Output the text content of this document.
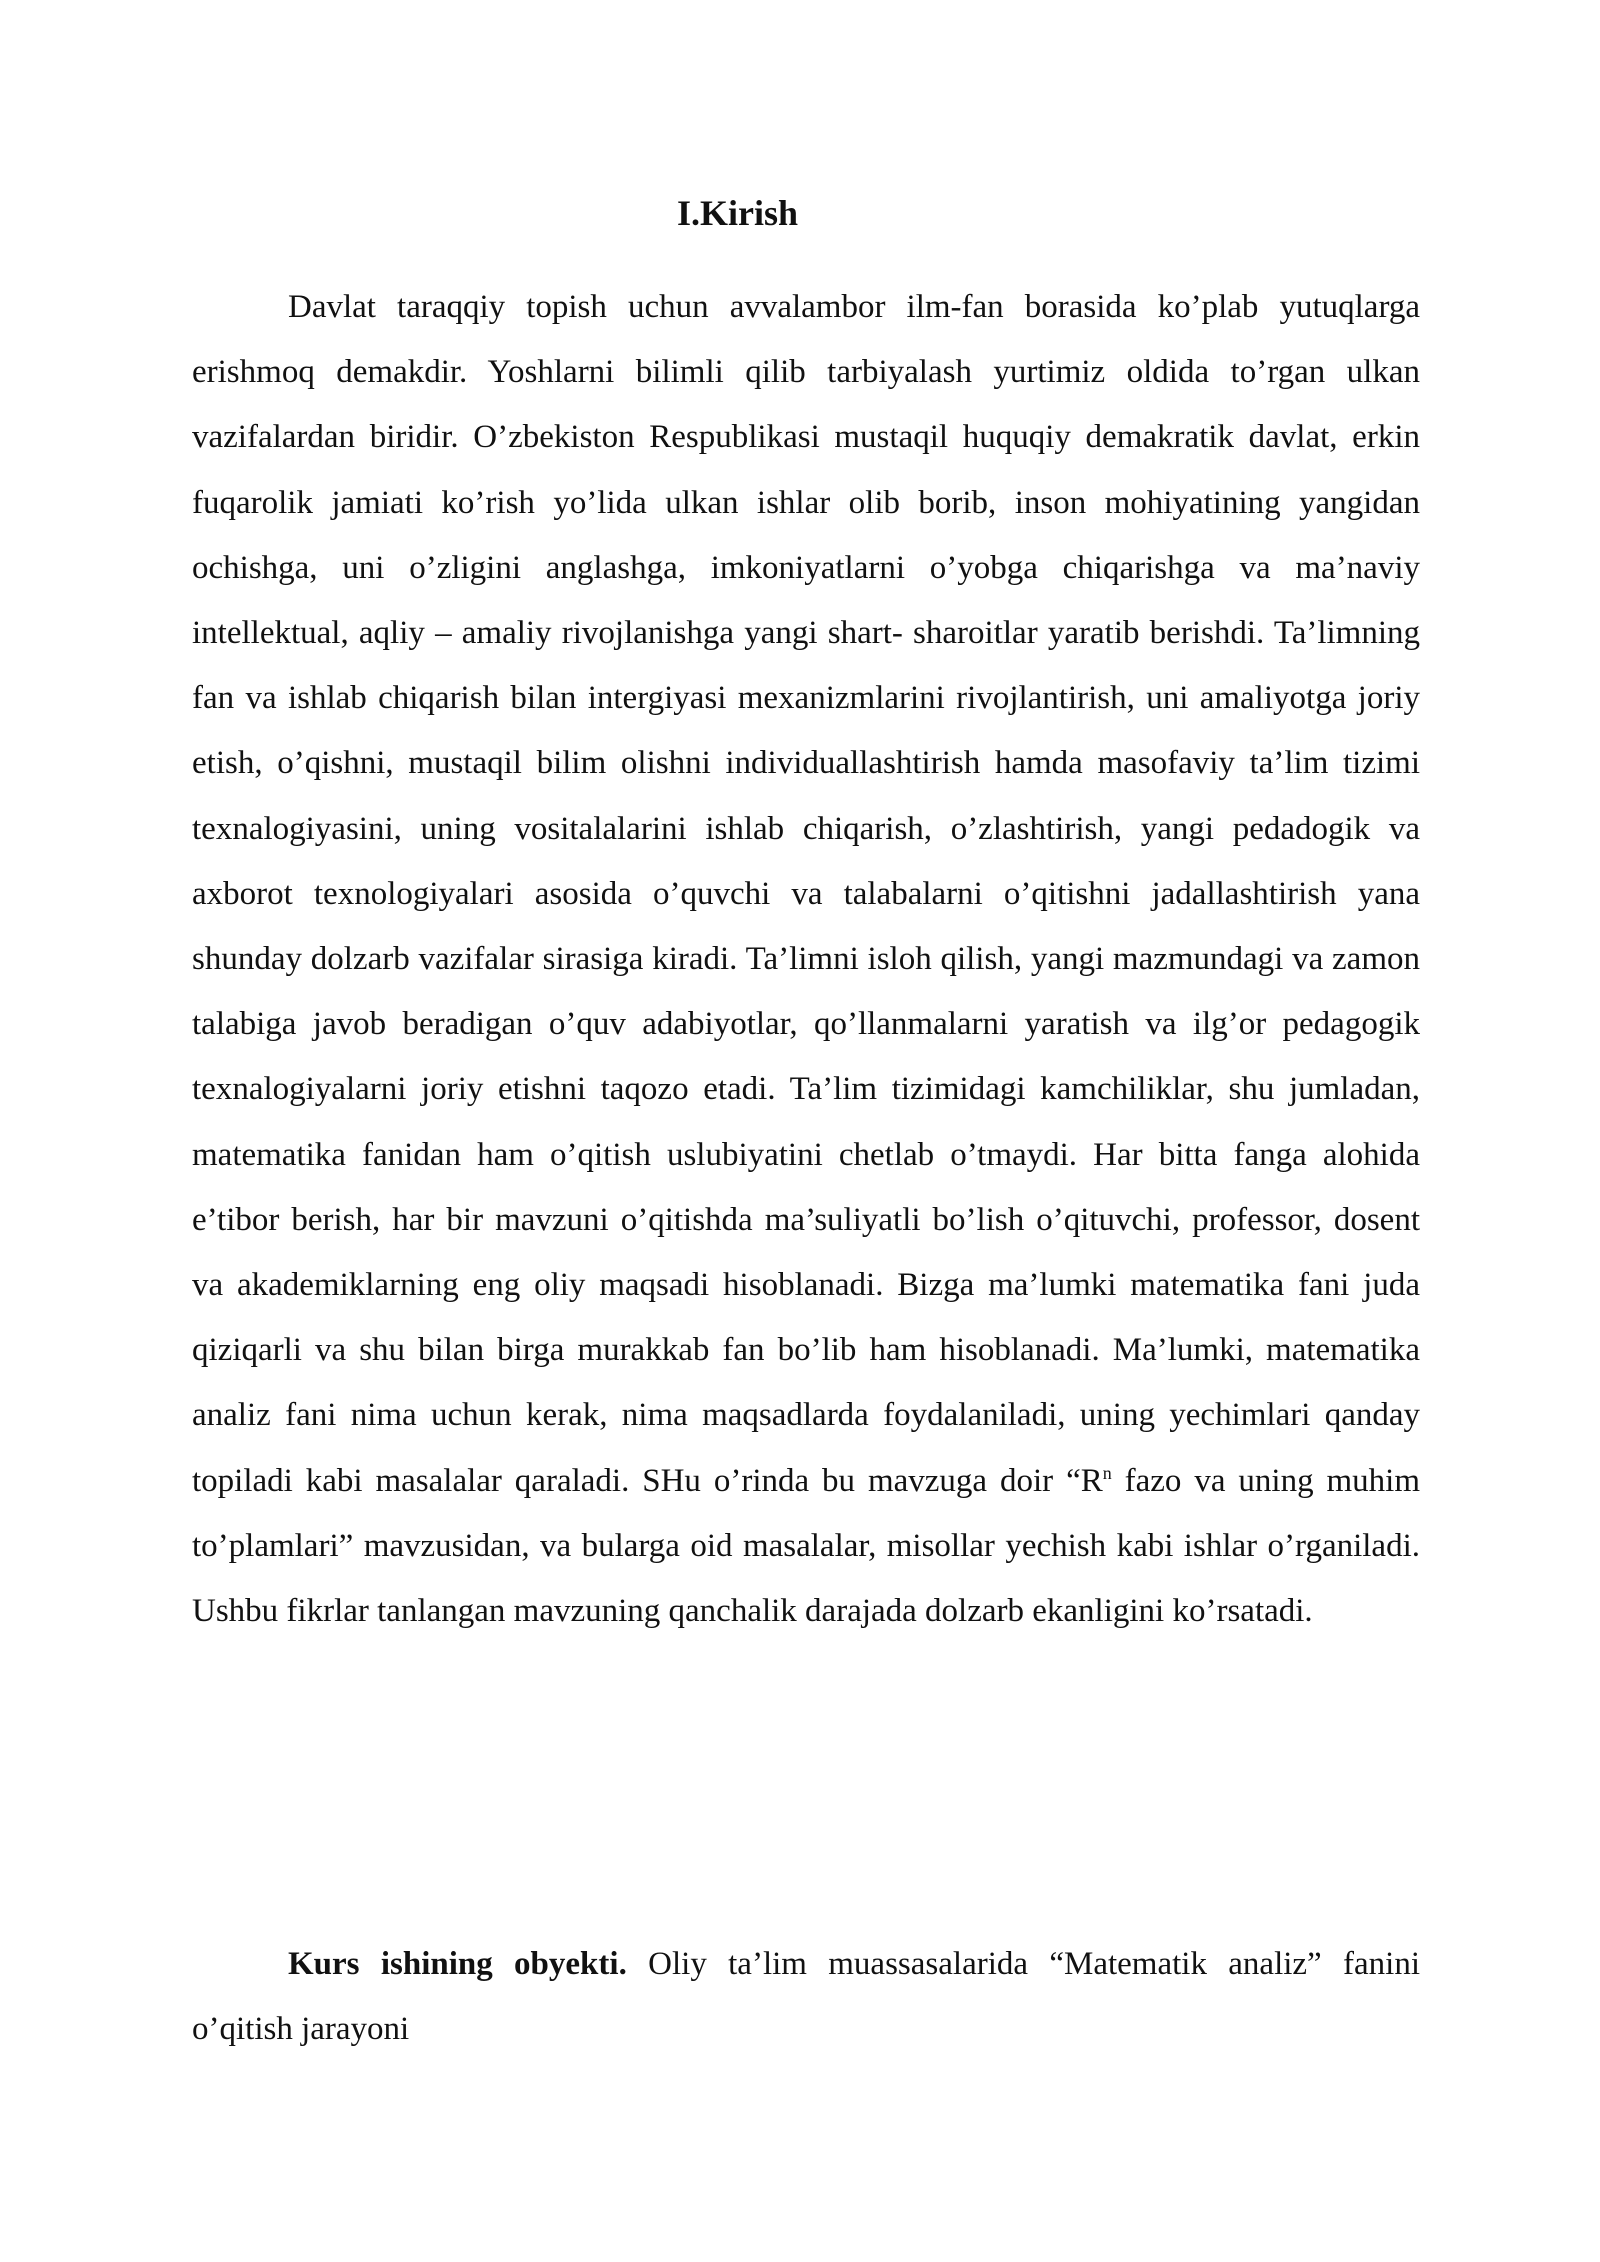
I.Kirish

Davlat taraqqiy topish uchun avvalambor ilm-fan borasida ko’plab yutuqlarga erishmoq demakdir. Yoshlarni bilimli qilib tarbiyalash yurtimiz oldida to’rgan ulkan vazifalardan biridir. O’zbekiston Respublikasi mustaqil huquqiy demakratik davlat, erkin fuqarolik jamiati ko’rish yo’lida ulkan ishlar olib borib, inson mohiyatining yangidan ochishga, uni o’zligini anglashga, imkoniyatlarni o’yobga chiqarishga va ma’naviy intellektual, aqliy – amaliy rivojlanishga yangi shart- sharoitlar yaratib berishdi. Ta’limning fan va ishlab chiqarish bilan intergiyasi mexanizmlarini rivojlantirish, uni amaliyotga joriy etish, o’qishni, mustaqil bilim olishni individuallashtirish hamda masofaviy ta’lim tizimi texnalogiyasini, uning vositalalarini ishlab chiqarish, o’zlashtirish, yangi pedadogik va axborot texnologiyalari asosida o’quvchi va talabalarni o’qitishni jadallashtirish yana shunday dolzarb vazifalar sirasiga kiradi. Ta’limni isloh qilish, yangi mazmundagi va zamon talabiga javob beradigan o’quv adabiyotlar, qo’llanmalarni yaratish va ilg’or pedagogik texnalogiyalarni joriy etishni taqozo etadi. Ta’lim tizimidagi kamchiliklar, shu jumladan, matematika fanidan ham o’qitish uslubiyatini chetlab o’tmaydi. Har bitta fanga alohida e’tibor berish, har bir mavzuni o’qitishda ma’suliyatli bo’lish o’qituvchi, professor, dosent va akademiklarning eng oliy maqsadi hisoblanadi. Bizga ma’lumki matematika fani juda qiziqarli va shu bilan birga murakkab fan bo’lib ham hisoblanadi. Ma’lumki, matematika analiz fani nima uchun kerak, nima maqsadlarda foydalaniladi, uning yechimlari qanday topiladi kabi masalalar qaraladi. SHu o’rinda bu mavzuga doir “$R^n$ fazo va uning muhim to’plamlari” mavzusidan, va bularga oid masalalar, misollar yechish kabi ishlar o’rganiladi. Ushbu fikrlar tanlangan mavzuning qanchalik darajada dolzarb ekanligini ko’rsatadi.

Kurs ishining obyekti. Oliy ta’lim muassasalarida “Matematik analiz” fanini o’qitish jarayoni
